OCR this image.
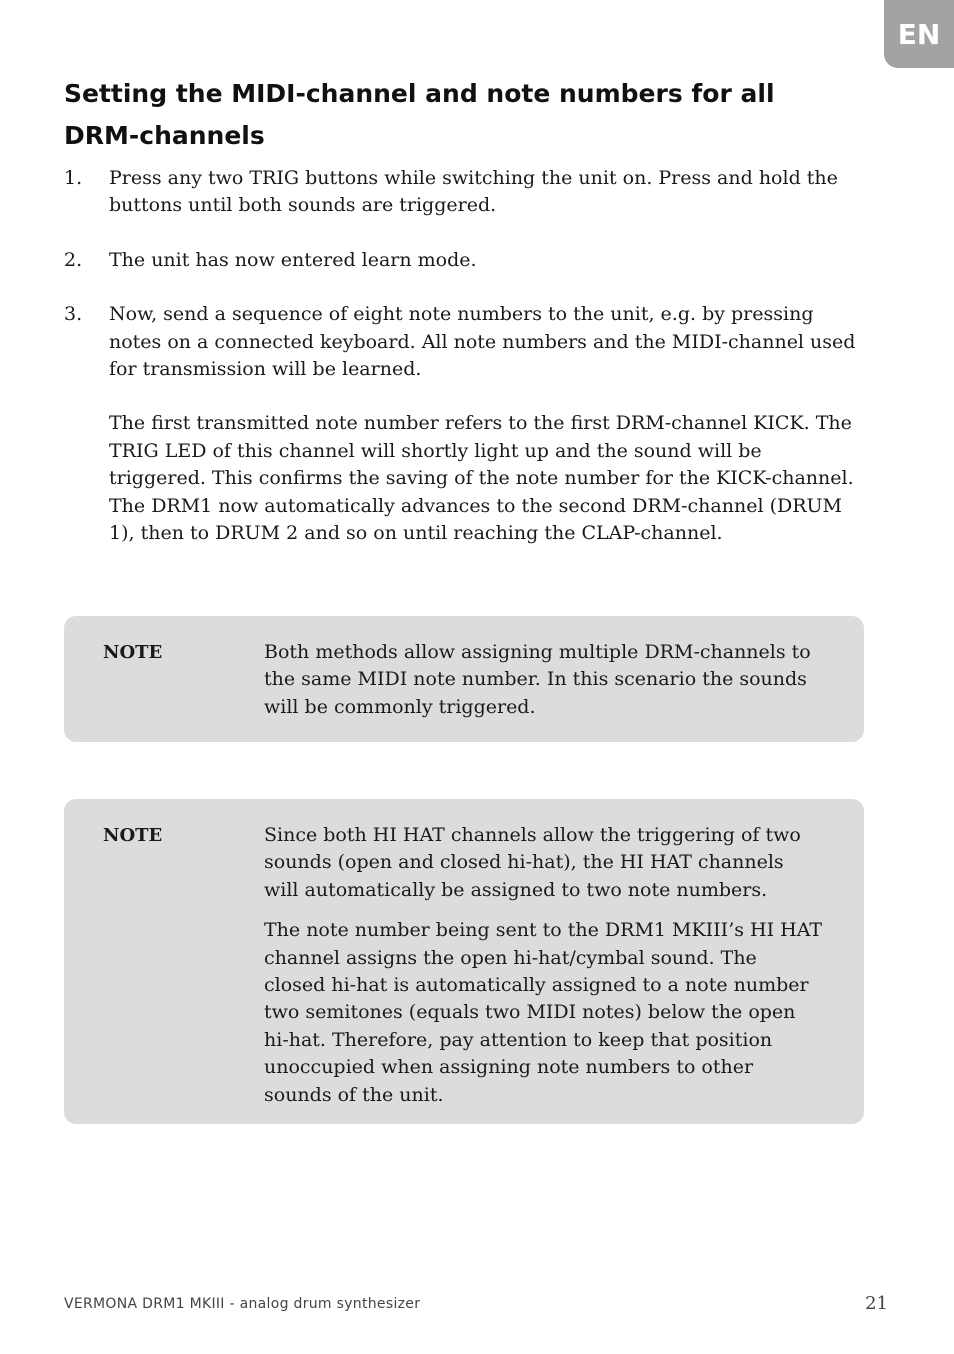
EN
Setting the MIDI-channel and note numbers for all DRM-channels
1. Press any two TRIG buttons while switching the unit on. Press and hold the buttons until both sounds are triggered.

2. The unit has now entered learn mode.

3. Now, send a sequence of eight note numbers to the unit, e.g. by pressing notes on a connected keyboard. All note numbers and the MIDI-channel used for transmission will be learned.

The first transmitted note number refers to the first DRM-channel KICK. The TRIG LED of this channel will shortly light up and the sound will be triggered. This confirms the saving of the note number for the KICK-channel. The DRM1 now automatically advances to the second DRM-channel (DRUM 1), then to DRUM 2 and so on until reaching the CLAP-channel.

NOTE	Both methods allow assigning multiple DRM-channels to the same MIDI note number. In this scenario the sounds will be commonly triggered.

NOTE	Since both HI HAT channels allow the triggering of two sounds (open and closed hi-hat), the HI HAT channels will automatically be assigned to two note numbers.

The note number being sent to the DRM1 MKIII’s HI HAT channel assigns the open hi-hat/cymbal sound. The closed hi-hat is automatically assigned to a note number two semitones (equals two MIDI notes) below the open hi-hat. Therefore, pay attention to keep that position unoccupied when assigning note numbers to other sounds of the unit.

VERMONA DRM1 MKIII - analog drum synthesizer	21
